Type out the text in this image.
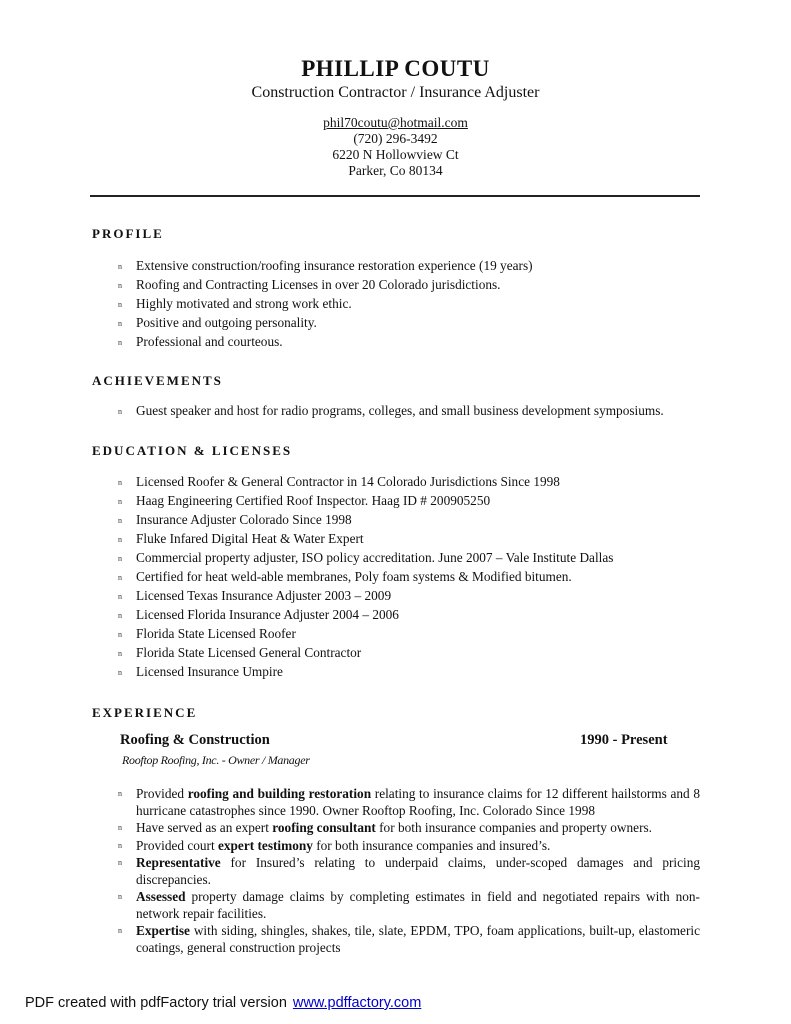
PHILLIP COUTU
Construction Contractor / Insurance Adjuster
phil70coutu@hotmail.com
(720) 296-3492
6220 N Hollowview Ct
Parker, Co 80134
PROFILE
n Extensive construction/roofing insurance restoration experience (19 years)
n Roofing and Contracting Licenses in over 20 Colorado jurisdictions.
n Highly motivated and strong work ethic.
n Positive and outgoing personality.
n Professional and courteous.
ACHIEVEMENTS
n Guest speaker and host for radio programs, colleges, and small business development symposiums.
EDUCATION & LICENSES
n Licensed Roofer & General Contractor in 14 Colorado Jurisdictions Since 1998
n Haag Engineering Certified Roof Inspector. Haag ID # 200905250
n Insurance Adjuster Colorado Since 1998
n Fluke Infared Digital Heat & Water Expert
n Commercial property adjuster, ISO policy accreditation. June 2007 – Vale Institute Dallas
n Certified for heat weld-able membranes, Poly foam systems & Modified bitumen.
n Licensed Texas Insurance Adjuster 2003 – 2009
n Licensed Florida Insurance Adjuster 2004 – 2006
n Florida State Licensed Roofer
n Florida State Licensed General Contractor
n Licensed Insurance Umpire
EXPERIENCE
Roofing & Construction	1990 - Present
Rooftop Roofing, Inc. - Owner / Manager
n Provided roofing and building restoration relating to insurance claims for 12 different hailstorms and 8 hurricane catastrophes since 1990. Owner Rooftop Roofing, Inc. Colorado Since 1998
n Have served as an expert roofing consultant for both insurance companies and property owners.
n Provided court expert testimony for both insurance companies and insured’s.
n Representative for Insured’s relating to underpaid claims, under-scoped damages and pricing discrepancies.
n Assessed property damage claims by completing estimates in field and negotiated repairs with non-network repair facilities.
n Expertise with siding, shingles, shakes, tile, slate, EPDM, TPO, foam applications, built-up, elastomeric coatings, general construction projects
PDF created with pdfFactory trial version www.pdffactory.com
